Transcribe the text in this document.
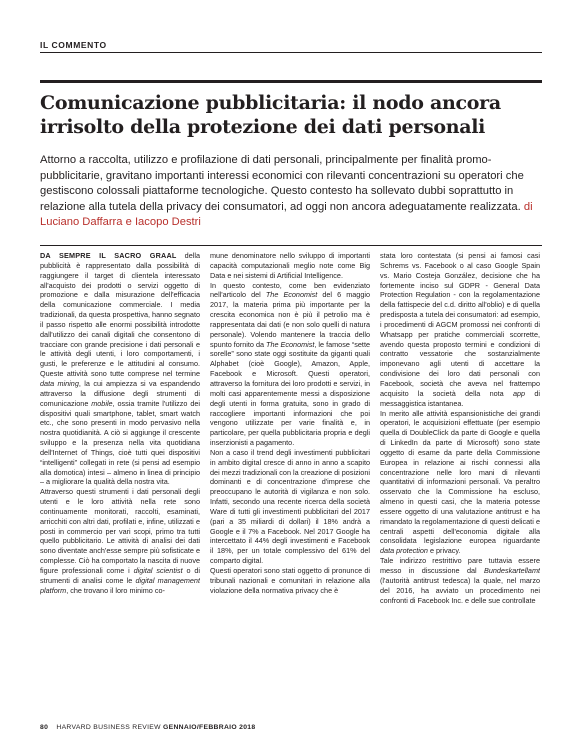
IL COMMENTO
Comunicazione pubblicitaria: il nodo ancora irrisolto della protezione dei dati personali

Attorno a raccolta, utilizzo e profilazione di dati personali, principalmente per finalità promo-pubblicitarie, gravitano importanti interessi economici con rilevanti concentrazioni su operatori che gestiscono colossali piattaforme tecnologiche. Questo contesto ha sollevato dubbi soprattutto in relazione alla tutela della privacy dei consumatori, ad oggi non ancora adeguatamente realizzata. di Luciano Daffarra e Iacopo Destri

DA SEMPRE IL SACRO GRAAL della pubblicità è rappresentato dalla possibilità di raggiungere il target di clientela interessato all'acquisto dei prodotti o servizi oggetto di promozione e dalla misurazione dell'efficacia della comunicazione commerciale. I media tradizionali, da questa prospettiva, hanno segnato il passo rispetto alle enormi possibilità introdotte dall'utilizzo dei canali digitali che consentono di tracciare con grande precisione i dati personali e le attività degli utenti, i loro comportamenti, i gusti, le preferenze e le attitudini al consumo. Queste attività sono tutte comprese nel termine data mining, la cui ampiezza si va espandendo attraverso la diffusione degli strumenti di comunicazione mobile, ossia tramite l'utilizzo dei dispositivi quali smartphone, tablet, smart watch etc., che sono presenti in modo pervasivo nella nostra quotidianità. A ciò si aggiunge il crescente sviluppo e la presenza nella vita quotidiana dell'Internet of Things, cioè tutti quei dispositivi “intelligenti” collegati in rete (si pensi ad esempio alla domotica) intesi – almeno in linea di principio – a migliorare la qualità della nostra vita.

Attraverso questi strumenti i dati personali degli utenti e le loro attività nella rete sono continuamente monitorati, raccolti, esaminati, arricchiti con altri dati, profilati e, infine, utilizzati e posti in commercio per vari scopi, primo tra tutti quello pubblicitario. Le attività di analisi dei dati sono diventate anch'esse sempre più sofisticate e complesse. Ciò ha comportato la nascita di nuove figure professionali come i digital scientist o di strumenti di analisi come le digital management platform, che trovano il loro minimo co-

mune denominatore nello sviluppo di importanti capacità computazionali meglio note come Big Data e nei sistemi di Artificial Intelligence.

In questo contesto, come ben evidenziato nell'articolo del The Economist del 6 maggio 2017, la materia prima più importante per la crescita economica non è più il petrolio ma è rappresentata dai dati (e non solo quelli di natura personale). Volendo mantenere la traccia dello spunto fornito da The Economist, le famose “sette sorelle” sono state oggi sostituite da giganti quali Alphabet (cioè Google), Amazon, Apple, Facebook e Microsoft. Questi operatori, attraverso la fornitura dei loro prodotti e servizi, in molti casi apparentemente messi a disposizione degli utenti in forma gratuita, sono in grado di raccogliere importanti informazioni che poi vengono utilizzate per varie finalità e, in particolare, per quella pubblicitaria propria e degli inserzionisti a pagamento.

Non a caso il trend degli investimenti pubblicitari in ambito digital cresce di anno in anno a scapito dei mezzi tradizionali con la creazione di posizioni dominanti e di concentrazione d'imprese che preoccupano le autorità di vigilanza e non solo. Infatti, secondo una recente ricerca della società Ware di tutti gli investimenti pubblicitari del 2017 (pari a 35 miliardi di dollari) il 18% andrà a Google e il 7% a Facebook. Nel 2017 Google ha intercettato il 44% degli investimenti e Facebook il 18%, per un totale complessivo del 61% del comparto digital.

Questi operatori sono stati oggetto di pronunce di tribunali nazionali e comunitari in relazione alla violazione della normativa privacy che è

stata loro contestata (si pensi ai famosi casi Schrems vs. Facebook o al caso Google Spain vs. Mario Costeja González, decisione che ha fortemente inciso sul GDPR - General Data Protection Regulation - con la regolamentazione della fattispecie del c.d. diritto all'oblio) e di quella predisposta a tutela dei consumatori: ad esempio, i procedimenti di AGCM promossi nei confronti di Whatsapp per pratiche commerciali scorrette, avendo questa proposto termini e condizioni di contratto vessatorie che sostanzialmente imponevano agli utenti di accettare la condivisione dei loro dati personali con Facebook, società che aveva nel frattempo acquisito la società della nota app di messaggistica istantanea.

In merito alle attività espansionistiche dei grandi operatori, le acquisizioni effettuate (per esempio quella di DoubleClick da parte di Google e quella di LinkedIn da parte di Microsoft) sono state oggetto di esame da parte della Commissione Europea in relazione ai rischi connessi alla concentrazione nelle loro mani di rilevanti quantitativi di informazioni personali. Va peraltro osservato che la Commissione ha escluso, almeno in questi casi, che la materia potesse essere oggetto di una valutazione antitrust e ha rimandato la regolamentazione di questi delicati e centrali aspetti dell'economia digitale alla consolidata legislazione europea riguardante data protection e privacy.

Tale indirizzo restrittivo pare tuttavia essere messo in discussione dal Bundeskartellamt (l'autorità antitrust tedesca) la quale, nel marzo del 2016, ha avviato un procedimento nei confronti di Facebook Inc. e delle sue controllate

80 HARVARD BUSINESS REVIEW GENNAIO/FEBBRAIO 2018
